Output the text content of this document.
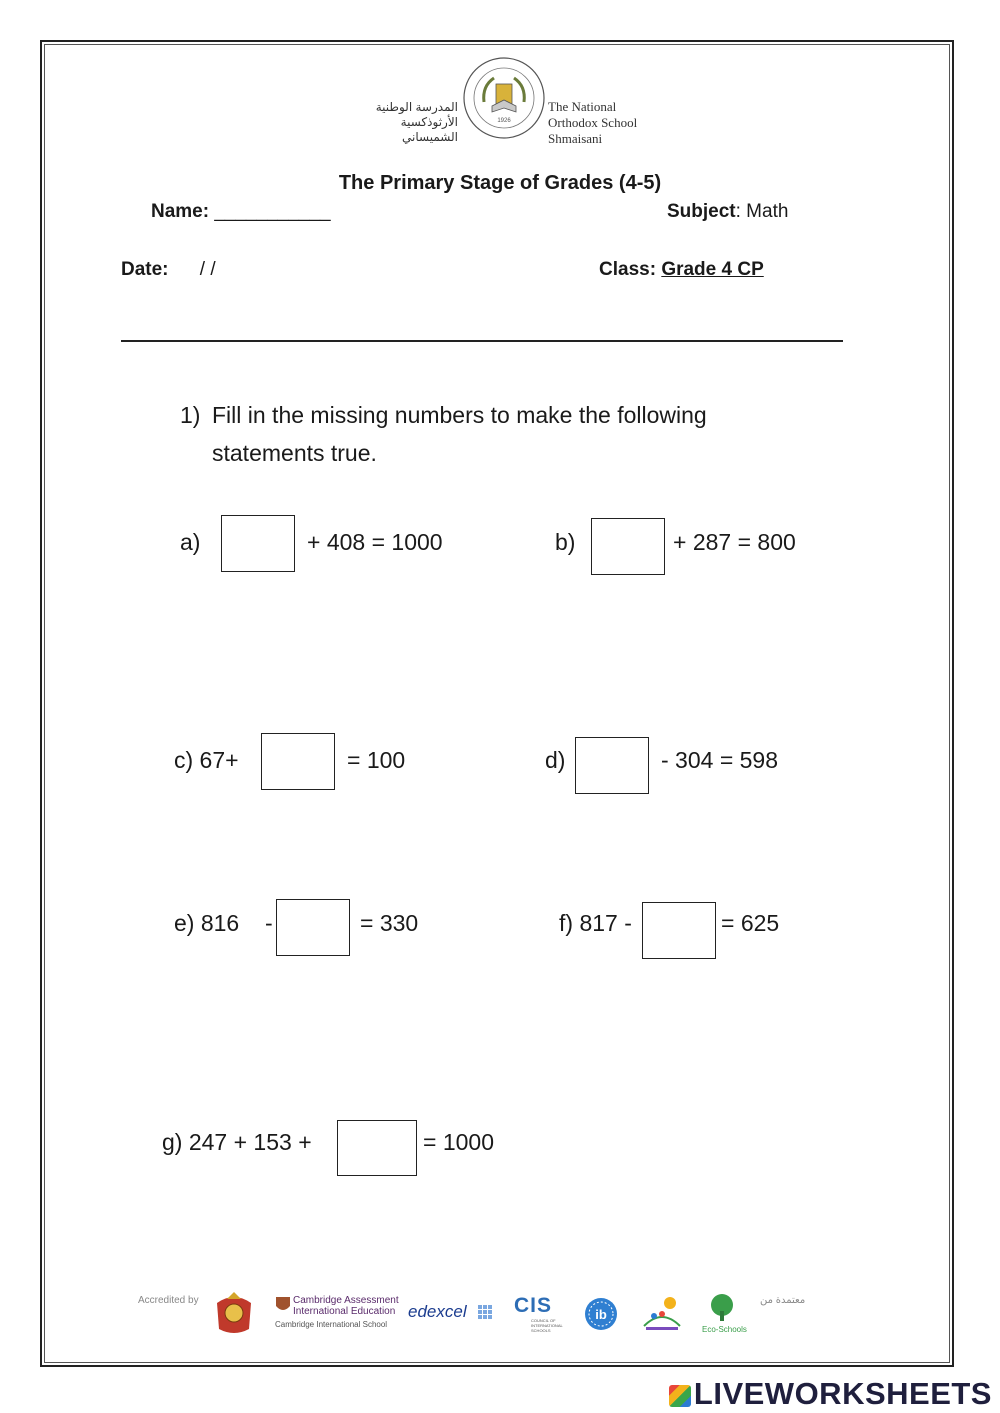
المدرسة الوطنية الأرثوذكسية الشميساني
1926
The National
Orthodox School
Shmaisani
The Primary Stage of Grades (4-5)
Name: ___________	Subject: Math
Date: / /	Class: Grade 4 CP
1) Fill in the missing numbers to make the following
statements true.
a)	+ 408 = 1000	b)	+ 287 = 800
c) 67+	= 100	d)	- 304 = 598
e) 816 -	= 330	f) 817 -	= 625
g) 247 + 153 +	= 1000
Accredited by	Cambridge Assessment
International Education
Cambridge International School
edexcel CIS
COUNCIL OF INTERNATIONAL SCHOOLS
ib
Eco-Schools
معتمدة من
LIVEWORKSHEETS
